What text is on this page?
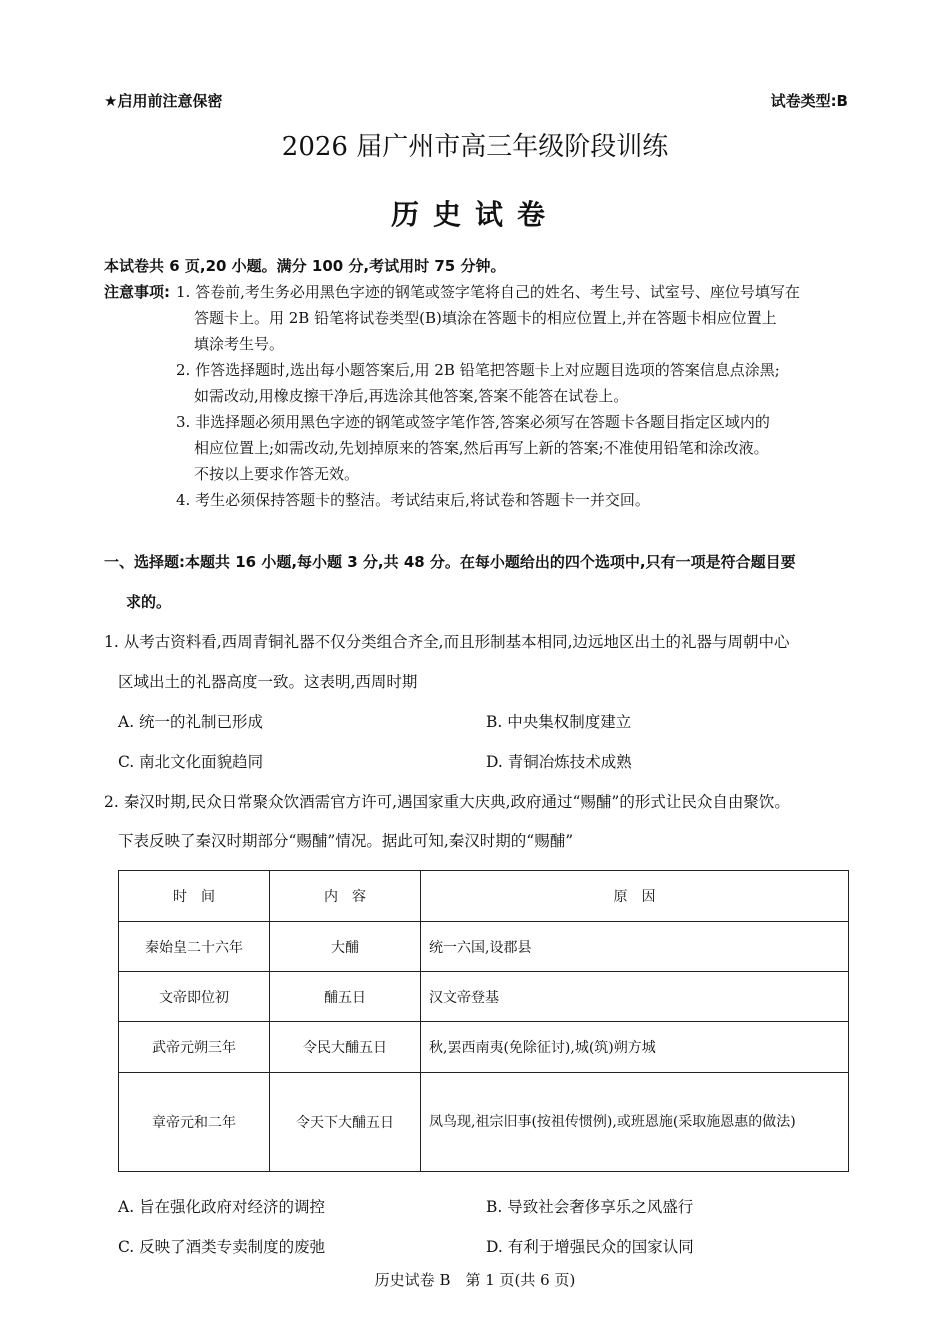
★启用前注意保密	试卷类型:B
2026 届广州市高三年级阶段训练
历史试卷
本试卷共 6 页,20 小题。满分 100 分,考试用时 75 分钟。
注意事项: 1. 答卷前,考生务必用黑色字迹的钢笔或签字笔将自己的姓名、考生号、试室号、座位号填写在
答题卡上。用 2B 铅笔将试卷类型(B)填涂在答题卡的相应位置上,并在答题卡相应位置上
填涂考生号。
2. 作答选择题时,选出每小题答案后,用 2B 铅笔把答题卡上对应题目选项的答案信息点涂黑;
如需改动,用橡皮擦干净后,再选涂其他答案,答案不能答在试卷上。
3. 非选择题必须用黑色字迹的钢笔或签字笔作答,答案必须写在答题卡各题目指定区域内的
相应位置上;如需改动,先划掉原来的答案,然后再写上新的答案;不准使用铅笔和涂改液。
不按以上要求作答无效。
4. 考生必须保持答题卡的整洁。考试结束后,将试卷和答题卡一并交回。
一、选择题:本题共 16 小题,每小题 3 分,共 48 分。在每小题给出的四个选项中,只有一项是符合题目要
求的。
1. 从考古资料看,西周青铜礼器不仅分类组合齐全,而且形制基本相同,边远地区出土的礼器与周朝中心
区域出土的礼器高度一致。这表明,西周时期
A. 统一的礼制已形成	B. 中央集权制度建立
C. 南北文化面貌趋同	D. 青铜冶炼技术成熟
2. 秦汉时期,民众日常聚众饮酒需官方许可,遇国家重大庆典,政府通过“赐酺”的形式让民众自由聚饮。
下表反映了秦汉时期部分“赐酺”情况。据此可知,秦汉时期的“赐酺”
时　间	内　容	原　因
秦始皇二十六年	大酺	统一六国,设郡县
文帝即位初	酺五日	汉文帝登基
武帝元朔三年	令民大酺五日	秋,罢西南夷(免除征讨),城(筑)朔方城
章帝元和二年	令天下大酺五日	凤鸟现,祖宗旧事(按祖传惯例),或班恩施(采取施恩惠的做法)
A. 旨在强化政府对经济的调控	B. 导致社会奢侈享乐之风盛行
C. 反映了酒类专卖制度的废弛	D. 有利于增强民众的国家认同
历史试卷 B　第 1 页(共 6 页)
